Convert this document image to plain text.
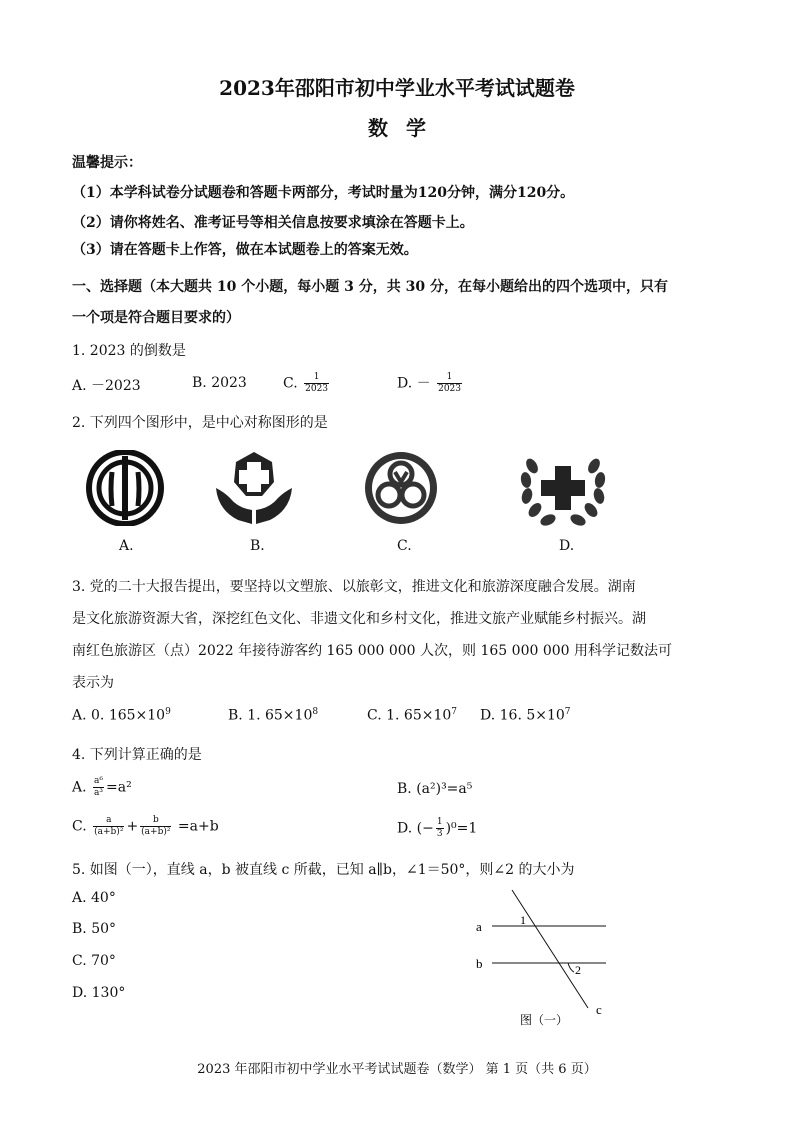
2023年邵阳市初中学业水平考试试题卷
数学
温馨提示：
（1）本学科试卷分试题卷和答题卡两部分，考试时量为120分钟，满分120分。
（2）请你将姓名、准考证号等相关信息按要求填涂在答题卡上。
（3）请在答题卡上作答，做在本试题卷上的答案无效。
一、选择题（本大题共 10 个小题，每小题 3 分，共 30 分，在每小题给出的四个选项中，只有
一个项是符合题目要求的）
1. 2023 的倒数是
A. －2023	B. 2023	C. $\frac{1}{2023}$	D. － $\frac{1}{2023}$
2. 下列四个图形中，是中心对称图形的是
A.	B.	C.	D.
3. 党的二十大报告提出，要坚持以文塑旅、以旅彰文，推进文化和旅游深度融合发展。湖南
是文化旅游资源大省，深挖红色文化、非遗文化和乡村文化，推进文旅产业赋能乡村振兴。湖
南红色旅游区（点）2022 年接待游客约 165 000 000 人次，则 165 000 000 用科学记数法可
表示为
A. 0. $165\times 10^9$	B. 1. $65\times 10^8$	C. 1. $65\times 10^7$ D. 16. $5\times 10^7$
4. 下列计算正确的是
A. $\frac{\text{a⁶}}{\text{a³}} =a^2$	B. (a²)³=a⁵
C. $\frac{a}{\text{(a+b)²}} + \frac{b}{\text{(a+b)²}} =a+b$	D. (− $\frac{1}{3} )^0=1$
5. 如图（一），直线 a，b 被直线 c 所截，已知 a∥b，∠1＝50°，则∠2 的大小为
A. 40°
B. 50°
C. 70°
D. 130°
a
b
c
1
2
图（一）
2023 年邵阳市初中学业水平考试试题卷（数学） 第 1 页（共 6 页）
